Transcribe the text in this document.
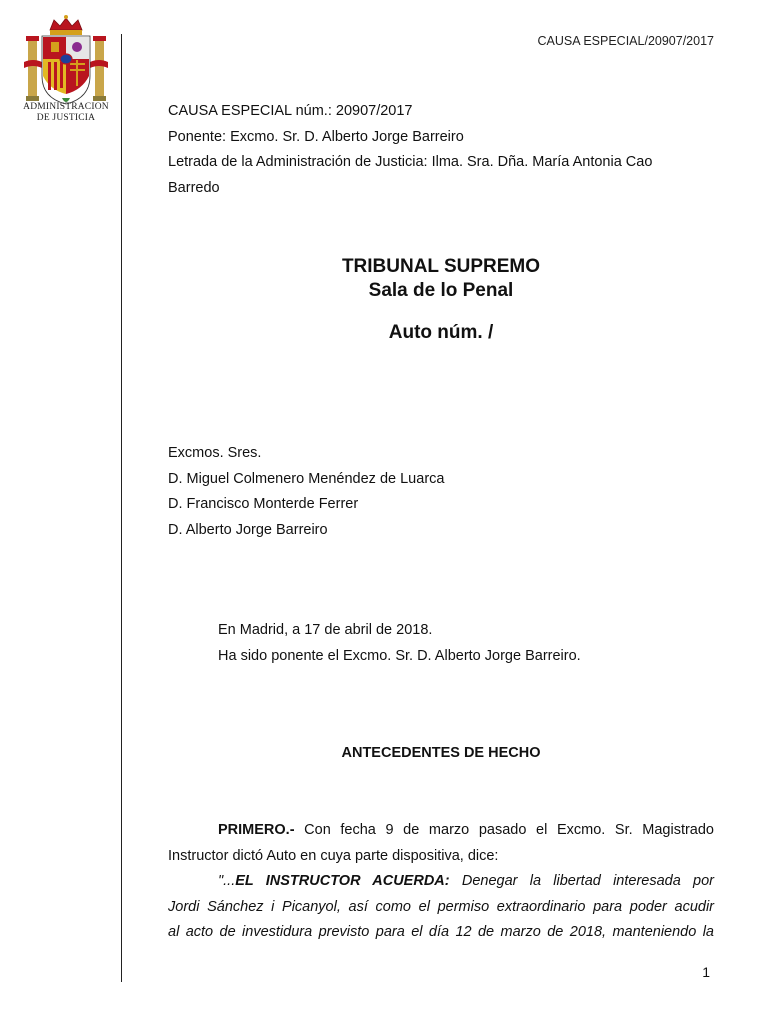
ADMINISTRACION
DE JUSTICIA
CAUSA ESPECIAL/20907/2017
CAUSA ESPECIAL núm.: 20907/2017
Ponente: Excmo. Sr. D. Alberto Jorge Barreiro
Letrada de la Administración de Justicia: Ilma. Sra. Dña. María Antonia Cao
Barredo
TRIBUNAL SUPREMO
Sala de lo Penal
Auto núm. /
Excmos. Sres.
D. Miguel Colmenero Menéndez de Luarca
D. Francisco Monterde Ferrer
D. Alberto Jorge Barreiro
En Madrid, a 17 de abril de 2018.
Ha sido ponente el Excmo. Sr. D. Alberto Jorge Barreiro.
ANTECEDENTES DE HECHO
PRIMERO.- Con fecha 9 de marzo pasado el Excmo. Sr. Magistrado
Instructor dictó Auto en cuya parte dispositiva, dice:
"...EL INSTRUCTOR ACUERDA: Denegar la libertad interesada por
Jordi Sánchez i Picanyol, así como el permiso extraordinario para poder acudir
al acto de investidura previsto para el día 12 de marzo de 2018, manteniendo la
1
